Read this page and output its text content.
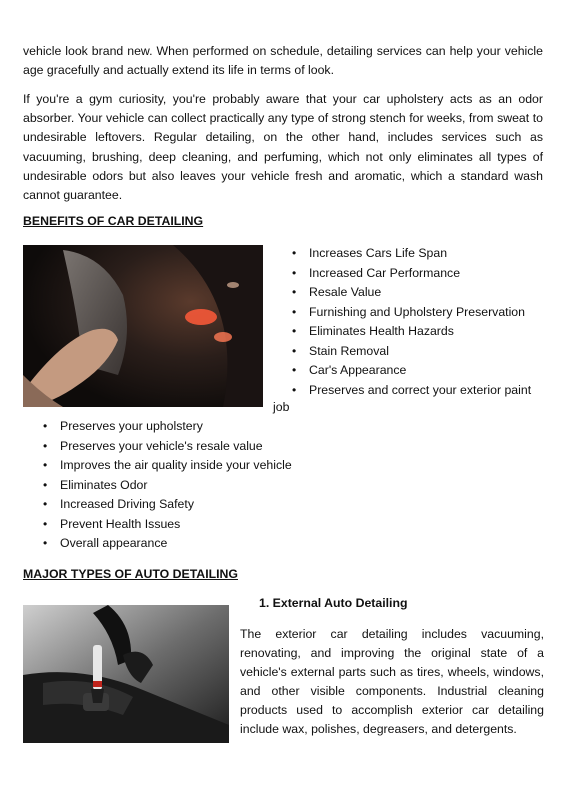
vehicle look brand new. When performed on schedule, detailing services can help your vehicle age gracefully and actually extend its life in terms of look.

If you're a gym curiosity, you're probably aware that your car upholstery acts as an odor absorber. Your vehicle can collect practically any type of strong stench for weeks, from sweat to undesirable leftovers. Regular detailing, on the other hand, includes services such as vacuuming, brushing, deep cleaning, and perfuming, which not only eliminates all types of undesirable odors but also leaves your vehicle fresh and aromatic, which a standard wash cannot guarantee.

BENEFITS OF CAR DETAILING

• Increases Cars Life Span
• Increased Car Performance
• Resale Value
• Furnishing and Upholstery Preservation
• Eliminates Health Hazards
• Stain Removal
• Car's Appearance
• Preserves and correct your exterior paint
job
• Preserves your upholstery
• Preserves your vehicle's resale value
• Improves the air quality inside your vehicle
• Eliminates Odor
• Increased Driving Safety
• Prevent Health Issues
• Overall appearance

MAJOR TYPES OF AUTO DETAILING

1. External Auto Detailing

The exterior car detailing includes vacuuming, renovating, and improving the original state of a vehicle's external parts such as tires, wheels, windows, and other visible components. Industrial cleaning products used to accomplish exterior car detailing include wax, polishes, degreasers, and detergents.
